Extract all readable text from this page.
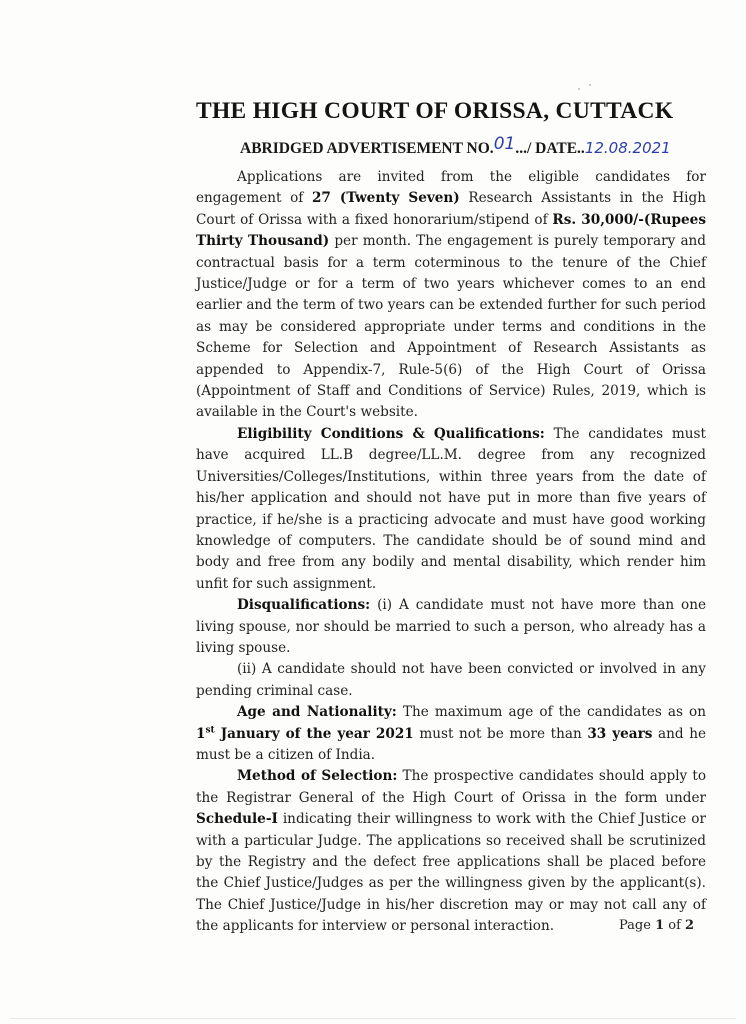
THE HIGH COURT OF ORISSA, CUTTACK
ABRIDGED ADVERTISEMENT NO.01.../ DATE..12.08.2021

Applications are invited from the eligible candidates for engagement of 27 (Twenty Seven) Research Assistants in the High Court of Orissa with a fixed honorarium/stipend of Rs. 30,000/-(Rupees Thirty Thousand) per month. The engagement is purely temporary and contractual basis for a term coterminous to the tenure of the Chief Justice/Judge or for a term of two years whichever comes to an end earlier and the term of two years can be extended further for such period as may be considered appropriate under terms and conditions in the Scheme for Selection and Appointment of Research Assistants as appended to Appendix-7, Rule-5(6) of the High Court of Orissa (Appointment of Staff and Conditions of Service) Rules, 2019, which is available in the Court's website.

Eligibility Conditions & Qualifications: The candidates must have acquired LL.B degree/LL.M. degree from any recognized Universities/Colleges/Institutions, within three years from the date of his/her application and should not have put in more than five years of practice, if he/she is a practicing advocate and must have good working knowledge of computers. The candidate should be of sound mind and body and free from any bodily and mental disability, which render him unfit for such assignment.

Disqualifications: (i) A candidate must not have more than one living spouse, nor should be married to such a person, who already has a living spouse.

(ii) A candidate should not have been convicted or involved in any pending criminal case.

Age and Nationality: The maximum age of the candidates as on 1st January of the year 2021 must not be more than 33 years and he must be a citizen of India.

Method of Selection: The prospective candidates should apply to the Registrar General of the High Court of Orissa in the form under Schedule-I indicating their willingness to work with the Chief Justice or with a particular Judge. The applications so received shall be scrutinized by the Registry and the defect free applications shall be placed before the Chief Justice/Judges as per the willingness given by the applicant(s). The Chief Justice/Judge in his/her discretion may or may not call any of the applicants for interview or personal interaction.	Page 1 of 2
